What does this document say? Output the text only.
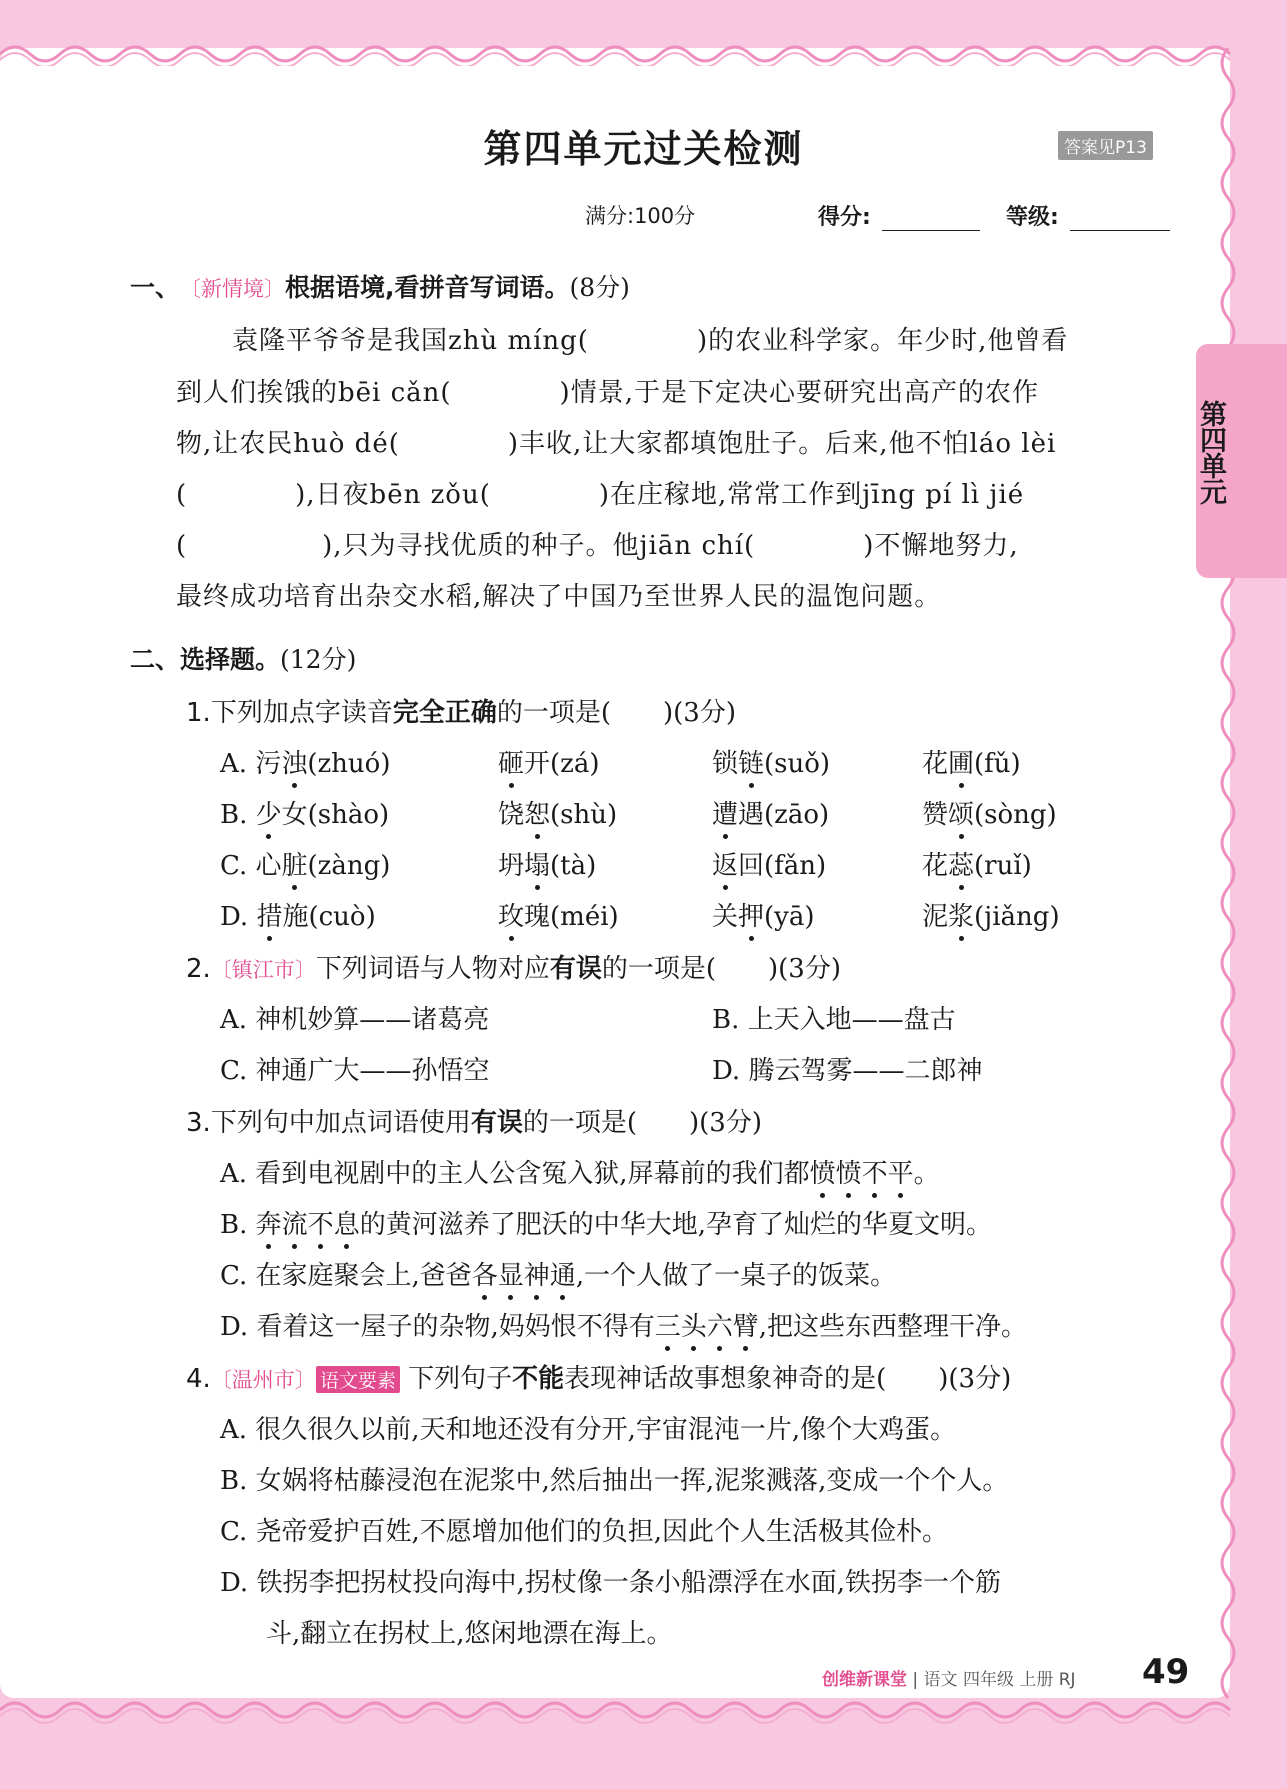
第四单元过关检测	答案见P13
满分:100分	得分:	等级:
第四单元
一、〔新情境〕根据语境,看拼音写词语。(8分)
袁隆平爷爷是我国zhù míng(　　　　)的农业科学家。年少时,他曾看
到人们挨饿的bēi cǎn(　　　　)情景,于是下定决心要研究出高产的农作
物,让农民huò dé(　　　　)丰收,让大家都填饱肚子。后来,他不怕láo lèi
(　　　　),日夜bēn zǒu(　　　　)在庄稼地,常常工作到jīng pí lì jié
(　　　　　),只为寻找优质的种子。他jiān chí(　　　　)不懈地努力,
最终成功培育出杂交水稻,解决了中国乃至世界人民的温饱问题。
二、选择题。(12分)
1.下列加点字读音完全正确的一项是(　　)(3分)
A. 污浊(zhuó)	砸开(zá)	锁链(suǒ)	花圃(fǔ)
B. 少女(shào)	饶恕(shù)	遭遇(zāo)	赞颂(sòng)
C. 心脏(zàng)	坍塌(tà)	返回(fǎn)	花蕊(ruǐ)
D. 措施(cuò)	玫瑰(méi)	关押(yā)	泥浆(jiǎng)
2.〔镇江市〕下列词语与人物对应有误的一项是(　　)(3分)
A. 神机妙算——诸葛亮	B. 上天入地——盘古
C. 神通广大——孙悟空	D. 腾云驾雾——二郎神
3.下列句中加点词语使用有误的一项是(　　)(3分)
A. 看到电视剧中的主人公含冤入狱,屏幕前的我们都愤愤不平。
B. 奔流不息的黄河滋养了肥沃的中华大地,孕育了灿烂的华夏文明。
C. 在家庭聚会上,爸爸各显神通,一个人做了一桌子的饭菜。
D. 看着这一屋子的杂物,妈妈恨不得有三头六臂,把这些东西整理干净。
4.〔温州市〕 语文要素 下列句子不能表现神话故事想象神奇的是(　　)(3分)
A. 很久很久以前,天和地还没有分开,宇宙混沌一片,像个大鸡蛋。
B. 女娲将枯藤浸泡在泥浆中,然后抽出一挥,泥浆溅落,变成一个个人。
C. 尧帝爱护百姓,不愿增加他们的负担,因此个人生活极其俭朴。
D. 铁拐李把拐杖投向海中,拐杖像一条小船漂浮在水面,铁拐李一个筋
斗,翻立在拐杖上,悠闲地漂在海上。
创维新课堂 | 语文 四年级 上册 RJ 49
